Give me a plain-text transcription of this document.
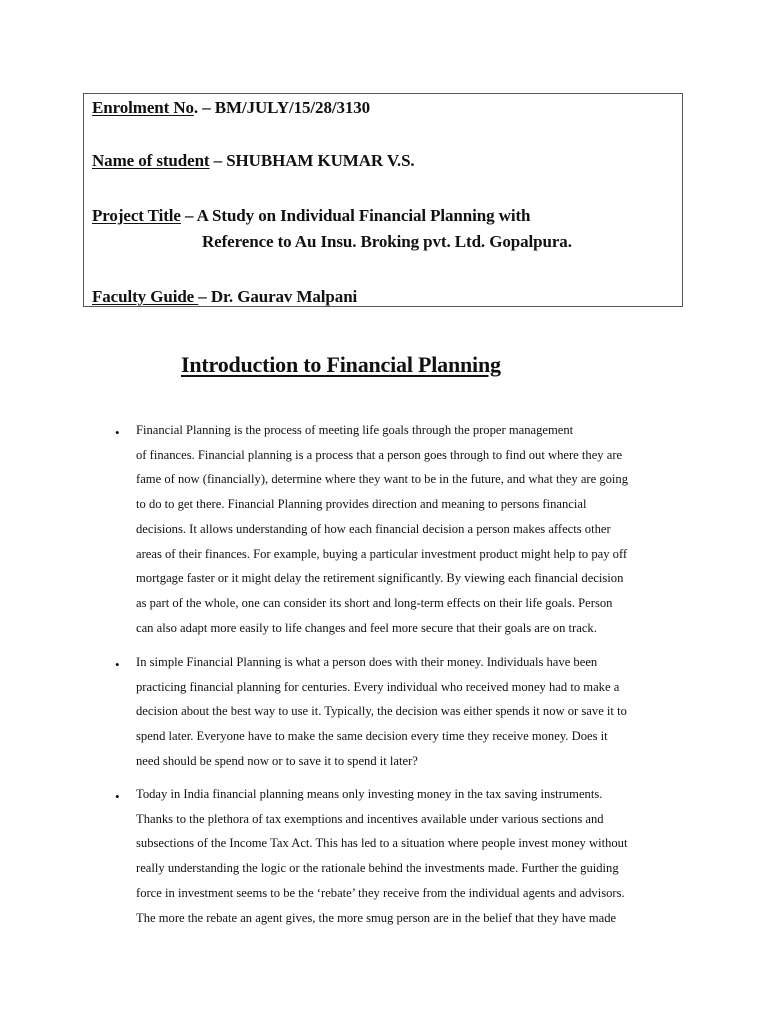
Enrolment No. – BM/JULY/15/28/3130
Name of student – SHUBHAM KUMAR V.S.
Project Title – A Study on Individual Financial Planning with
Reference to Au Insu. Broking pvt. Ltd. Gopalpura.
Faculty Guide – Dr. Gaurav Malpani
Introduction to Financial Planning
• Financial Planning is the process of meeting life goals through the proper management
of finances. Financial planning is a process that a person goes through to find out where they are
fame of now (financially), determine where they want to be in the future, and what they are going
to do to get there. Financial Planning provides direction and meaning to persons financial
decisions. It allows understanding of how each financial decision a person makes affects other
areas of their finances. For example, buying a particular investment product might help to pay off
mortgage faster or it might delay the retirement significantly. By viewing each financial decision
as part of the whole, one can consider its short and long-term effects on their life goals. Person
can also adapt more easily to life changes and feel more secure that their goals are on track.
• In simple Financial Planning is what a person does with their money. Individuals have been
practicing financial planning for centuries. Every individual who received money had to make a
decision about the best way to use it. Typically, the decision was either spends it now or save it to
spend later. Everyone have to make the same decision every time they receive money. Does it
need should be spend now or to save it to spend it later?
• Today in India financial planning means only investing money in the tax saving instruments.
Thanks to the plethora of tax exemptions and incentives available under various sections and
subsections of the Income Tax Act. This has led to a situation where people invest money without
really understanding the logic or the rationale behind the investments made. Further the guiding
force in investment seems to be the ‘rebate’ they receive from the individual agents and advisors.
The more the rebate an agent gives, the more smug person are in the belief that they have made
